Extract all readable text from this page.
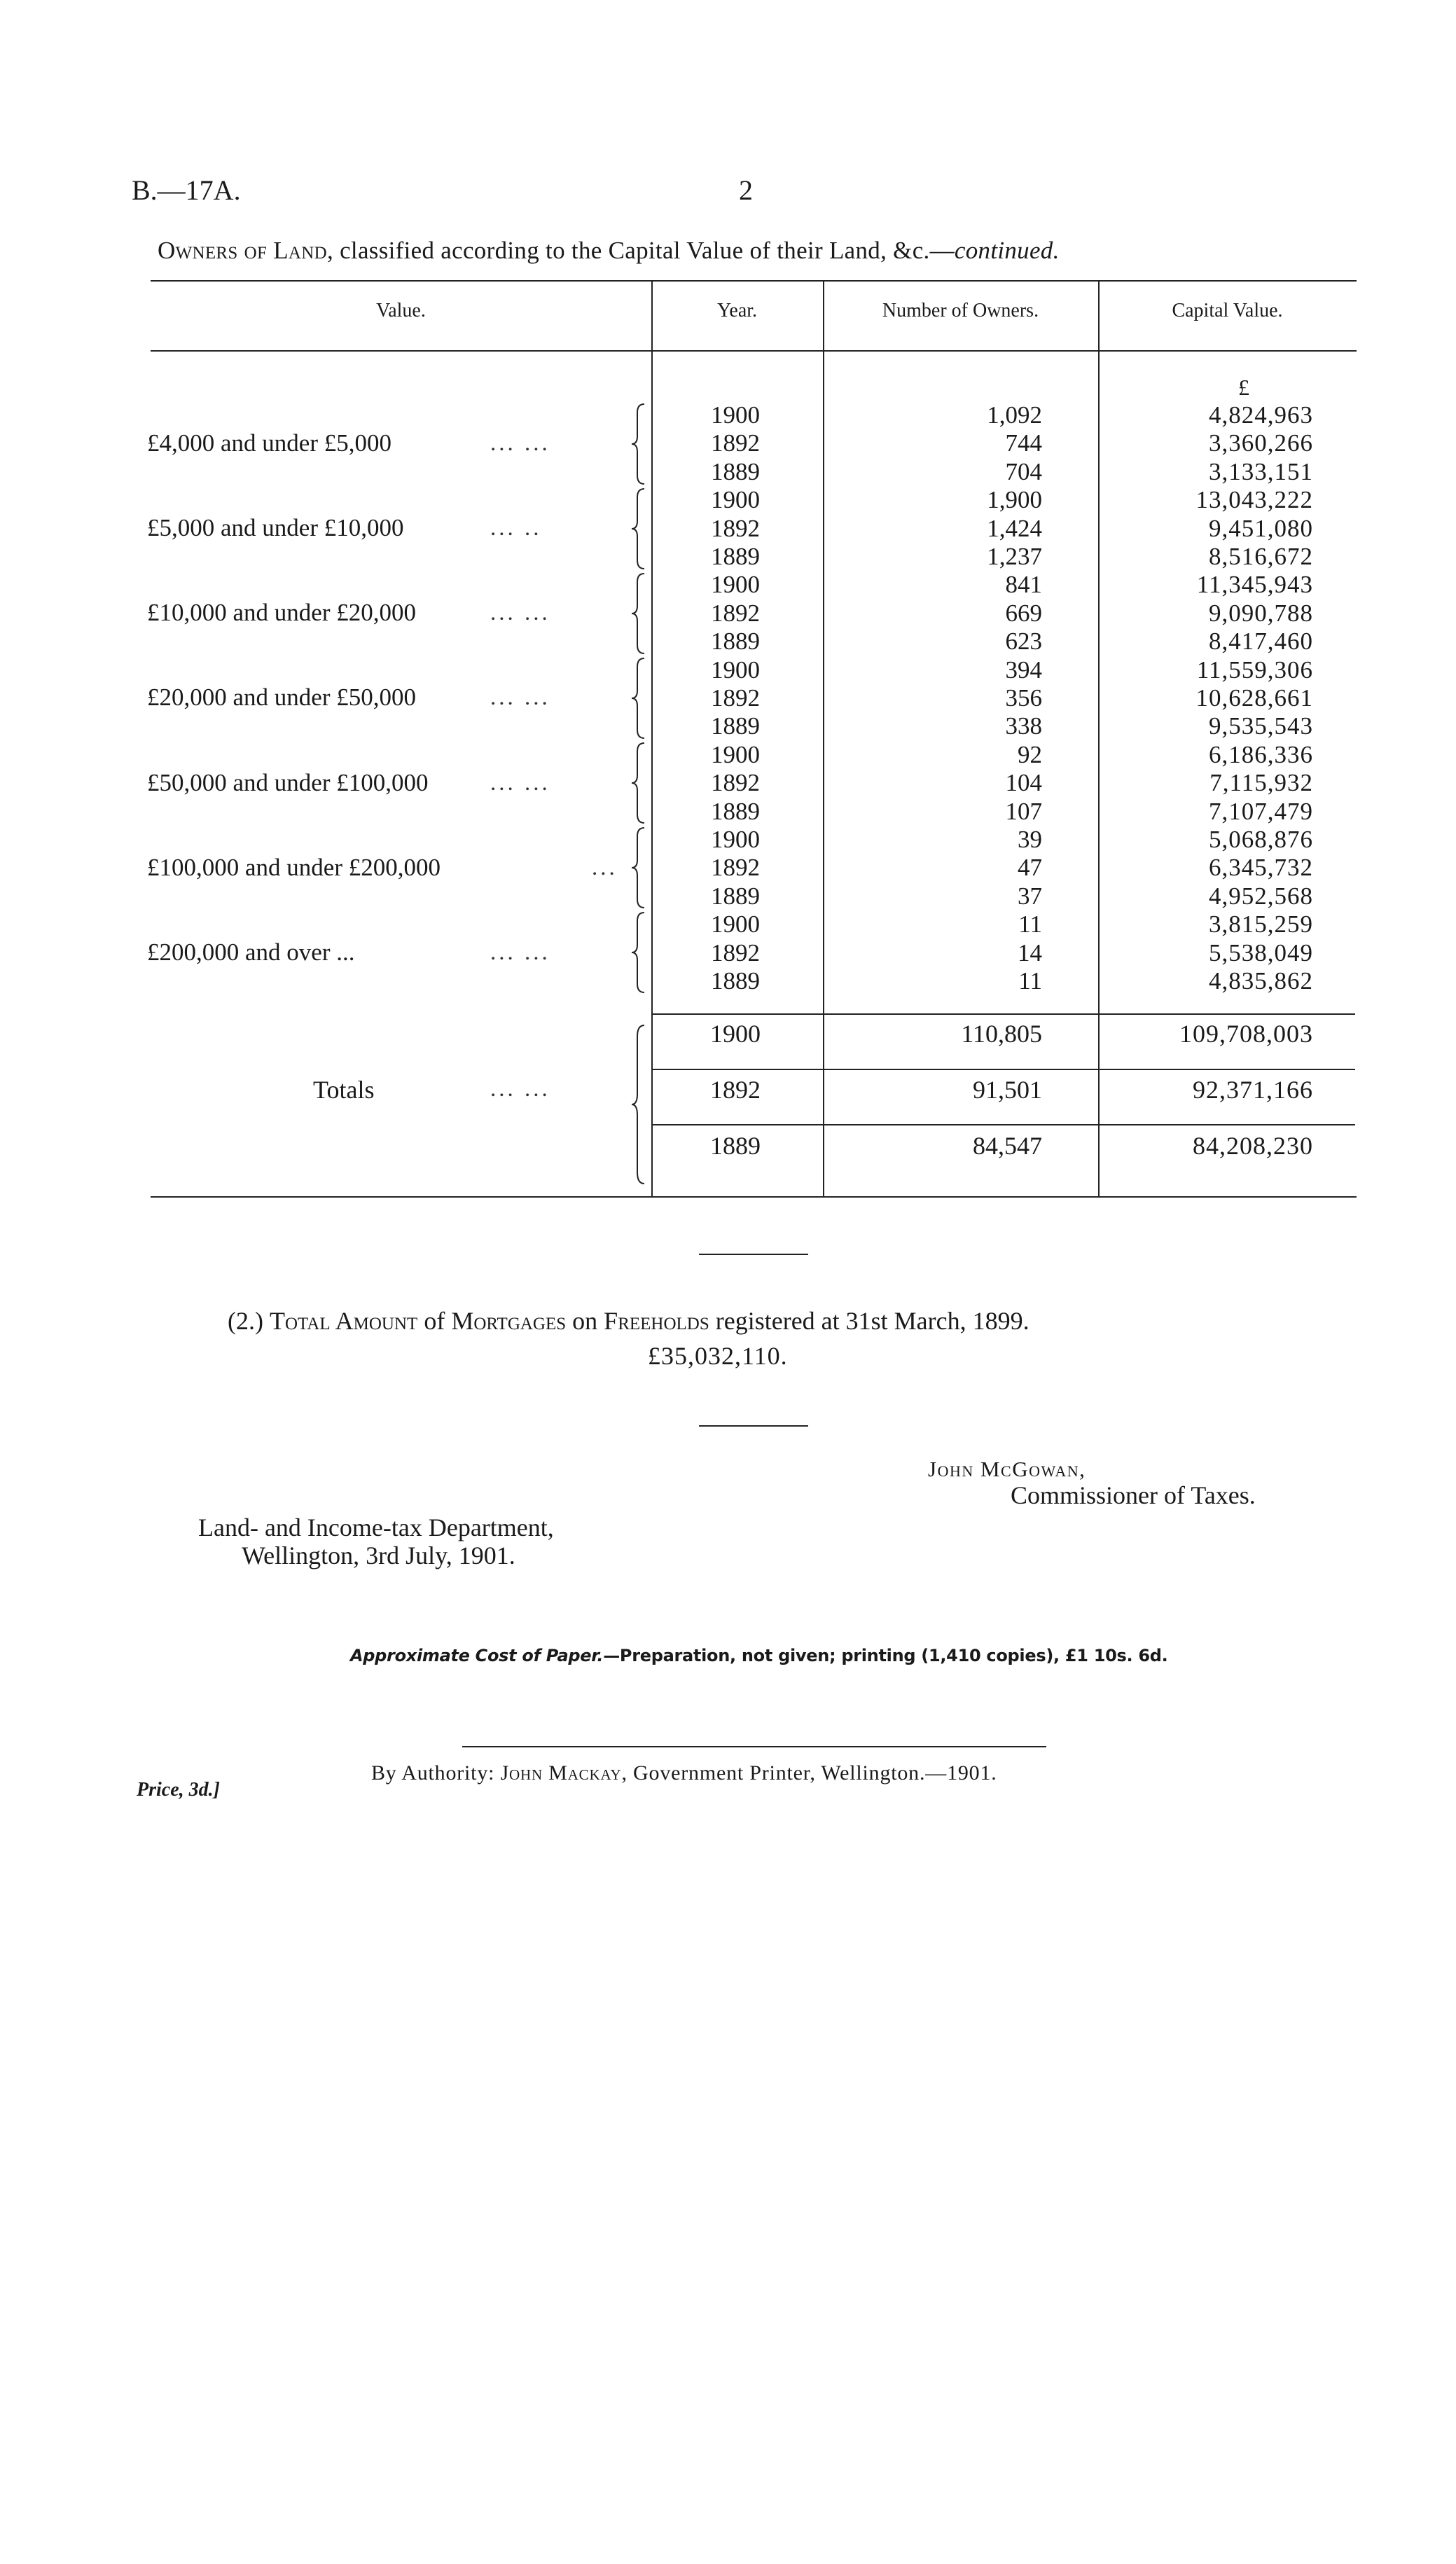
B.—17A.	2
Owners of Land, classified according to the Capital Value of their Land, &c.—continued.
Value.	Year.	Number of Owners.	Capital Value.
£
£4,000 and under £5,000	... ...
1900	1,092	4,824,963
1892	744	3,360,266
1889	704	3,133,151
£5,000 and under £10,000	... ..
1900	1,900	13,043,222
1892	1,424	9,451,080
1889	1,237	8,516,672
£10,000 and under £20,000	... ...
1900	841	11,345,943
1892	669	9,090,788
1889	623	8,417,460
£20,000 and under £50,000	... ...
1900	394	11,559,306
1892	356	10,628,661
1889	338	9,535,543
£50,000 and under £100,000	... ...
1900	92	6,186,336
1892	104	7,115,932
1889	107	7,107,479
£100,000 and under £200,000	...
1900	39	5,068,876
1892	47	6,345,732
1889	37	4,952,568
£200,000 and over ...	... ...
1900	11	3,815,259
1892	14	5,538,049
1889	11	4,835,862
Totals	... ...
1900	110,805	109,708,003
1892	91,501	92,371,166
1889	84,547	84,208,230
(2.) Total Amount of Mortgages on Freeholds registered at 31st March, 1899.
£35,032,110.
John McGowan,
Commissioner of Taxes.
Land- and Income-tax Department,
Wellington, 3rd July, 1901.
Approximate Cost of Paper.—Preparation, not given; printing (1,410 copies), £1 10s. 6d.
By Authority: John Mackay, Government Printer, Wellington.—1901.
Price, 3d.]
